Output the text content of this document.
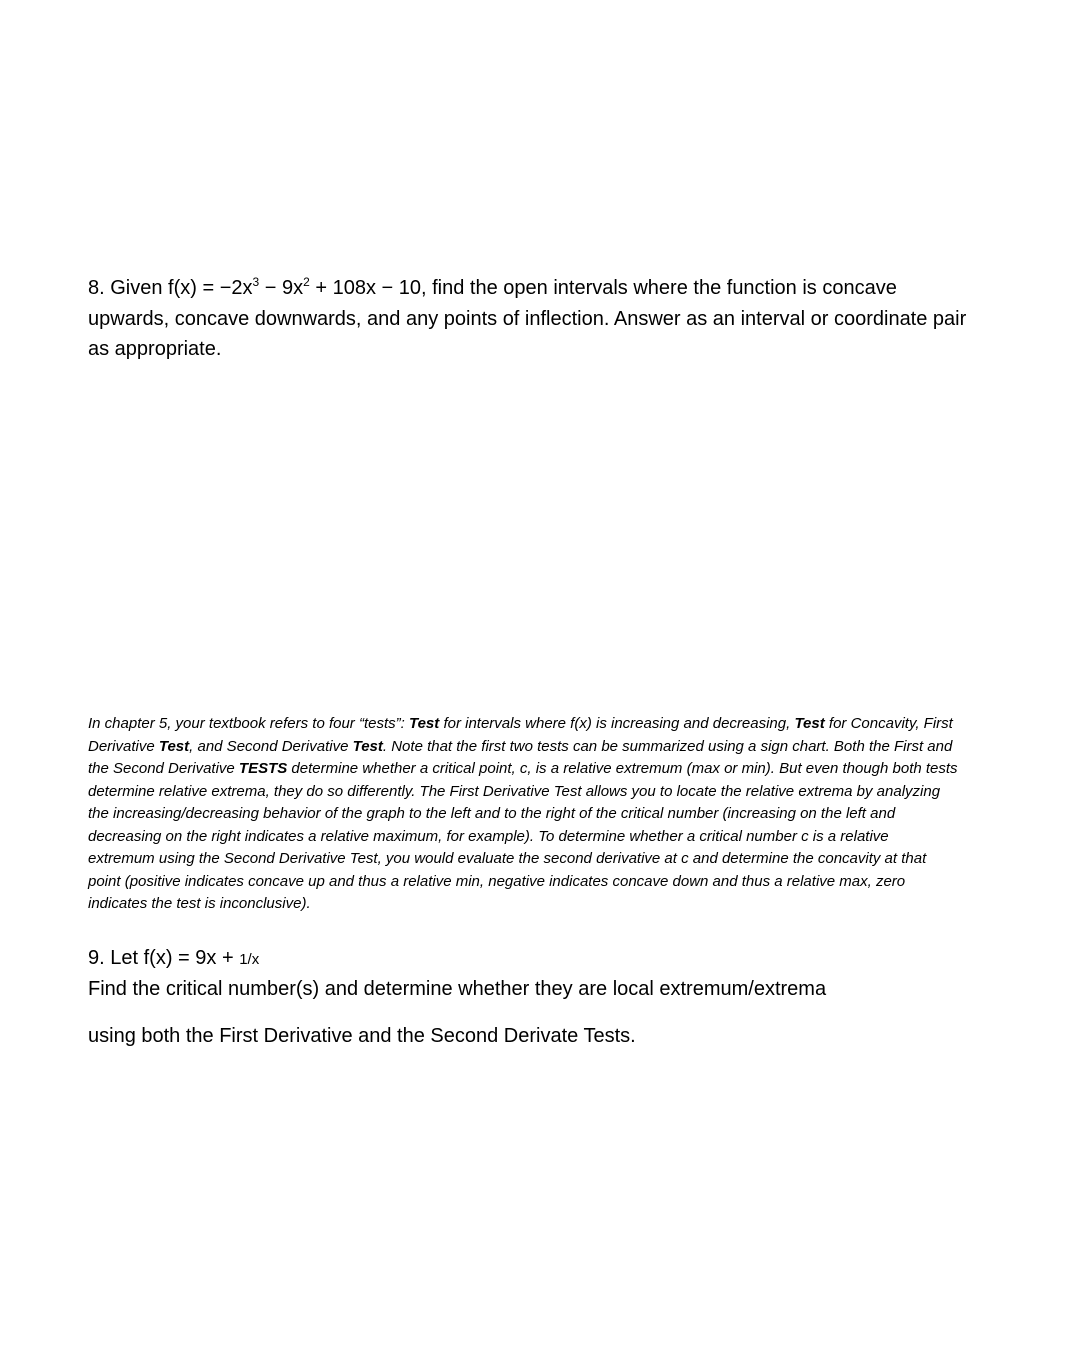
8. Given $f(x) = -2x^3 - 9x^2 + 108x - 10$, find the open intervals where the function is concave upwards, concave downwards, and any points of inflection. Answer as an interval or coordinate pair as appropriate.
In chapter 5, your textbook refers to four “tests”: Test for intervals where f(x) is increasing and decreasing, Test for Concavity, First Derivative Test, and Second Derivative Test. Note that the first two tests can be summarized using a sign chart. Both the First and the Second Derivative TESTS determine whether a critical point, c, is a relative extremum (max or min). But even though both tests determine relative extrema, they do so differently. The First Derivative Test allows you to locate the relative extrema by analyzing the increasing/decreasing behavior of the graph to the left and to the right of the critical number (increasing on the left and decreasing on the right indicates a relative maximum, for example). To determine whether a critical number c is a relative extremum using the Second Derivative Test, you would evaluate the second derivative at c and determine the concavity at that point (positive indicates concave up and thus a relative min, negative indicates concave down and thus a relative max, zero indicates the test is inconclusive).
9. Let f(x) = 9x + 1/x
Find the critical number(s) and determine whether they are local extremum/extrema
using both the First Derivative and the Second Derivate Tests.
